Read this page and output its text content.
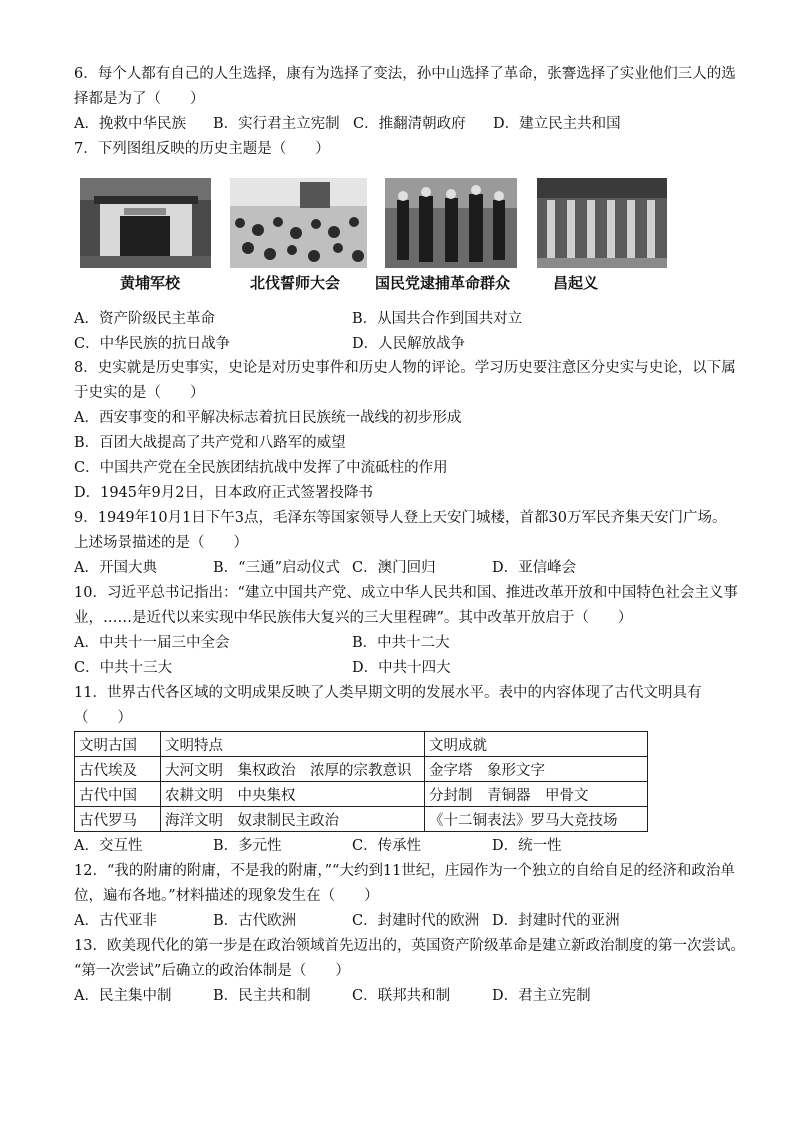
6．每个人都有自己的人生选择，康有为选择了变法，孙中山选择了革命，张謇选择了实业他们三人的选
择都是为了（　　）
A．挽救中华民族 B．实行君主立宪制 C．推翻清朝政府 D．建立民主共和国
7．下列图组反映的历史主题是（　　）
黄埔军校	北伐誓师大会 国民党逮捕革命群众	昌起义
A．资产阶级民主革命	B．从国共合作到国共对立
C．中华民族的抗日战争	D．人民解放战争
8．史实就是历史事实，史论是对历史事件和历史人物的评论。学习历史要注意区分史实与史论，以下属
于史实的是（　　）
A．西安事变的和平解决标志着抗日民族统一战线的初步形成
B．百团大战提高了共产党和八路军的威望
C．中国共产党在全民族团结抗战中发挥了中流砥柱的作用
D．1945年9月2日，日本政府正式签署投降书
9．1949年10月1日下午3点，毛泽东等国家领导人登上天安门城楼，首都30万军民齐集天安门广场。
上述场景描述的是（　　）
A．开国大典	B．“三通”启动仪式 C．澳门回归	D．亚信峰会
10．习近平总书记指出：“建立中国共产党、成立中华人民共和国、推进改革开放和中国特色社会主义事
业，……是近代以来实现中华民族伟大复兴的三大里程碑”。其中改革开放启于（　　）
A．中共十一届三中全会	B．中共十二大
C．中共十三大	D．中共十四大
11．世界古代各区域的文明成果反映了人类早期文明的发展水平。表中的内容体现了古代文明具有
（　　）
文明古国	文明特点	文明成就
古代埃及	大河文明　集权政治　浓厚的宗教意识	金字塔　象形文字
古代中国	农耕文明　中央集权	分封制　青铜器　甲骨文
古代罗马	海洋文明　奴隶制民主政治	《十二铜表法》罗马大竞技场
A．交互性	B．多元性	C．传承性	D．统一性
12．“我的附庸的附庸，不是我的附庸，”“大约到11世纪，庄园作为一个独立的自给自足的经济和政治单
位，遍布各地。”材料描述的现象发生在（　　）
A．古代亚非	B．古代欧洲	C．封建时代的欧洲 D．封建时代的亚洲
13．欧美现代化的第一步是在政治领域首先迈出的，英国资产阶级革命是建立新政治制度的第一次尝试。
“第一次尝试”后确立的政治体制是（　　）
A．民主集中制	B．民主共和制	C．联邦共和制	D．君主立宪制
